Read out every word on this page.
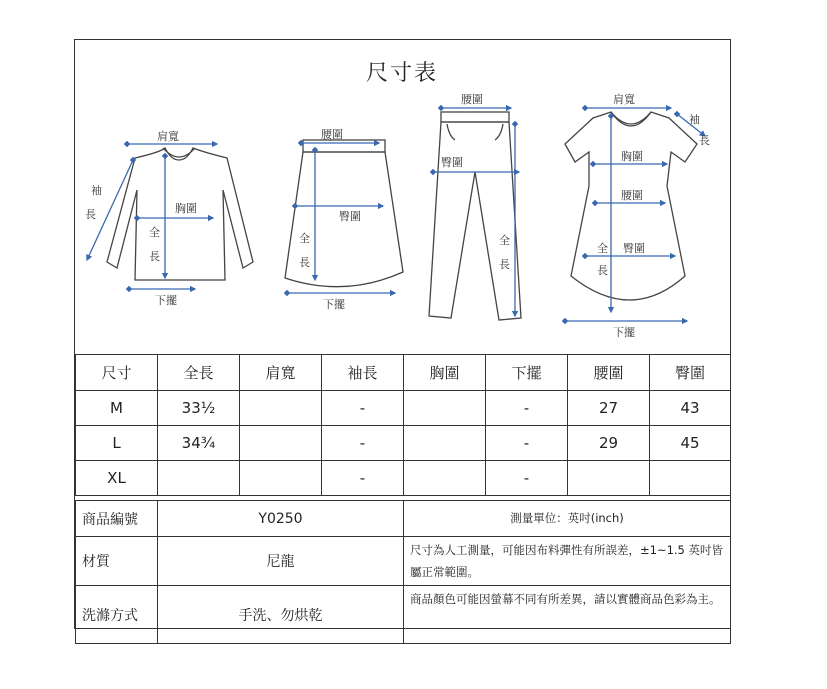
尺寸表
肩寬
袖
長	胸圍
全
長
下擺
腰圍
臀圍
全
長
下擺
腰圍
臀圍
全
長
肩寬
袖
長
胸圍
腰圍
臀圍
全
長
下擺
尺寸	全長	肩寬	袖長	胸圍	下擺	腰圍	臀圍
M	33½		-		-	27	43
L	34¾		-		-	29	45
XL			-		-		
商品編號	Y0250	測量單位：英吋(inch)
材質	尼龍	尺寸為人工測量，可能因布料彈性有所誤差，±1~1.5 英吋皆屬正常範圍。
洗滌方式	手洗、勿烘乾	商品顏色可能因螢幕不同有所差異，請以實體商品色彩為主。
